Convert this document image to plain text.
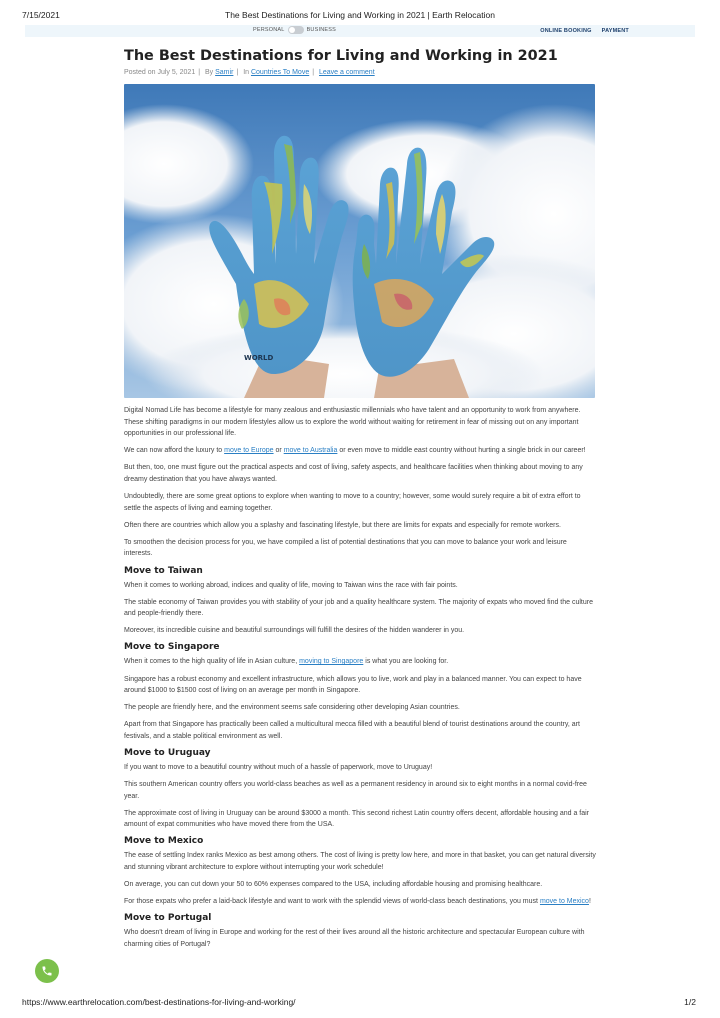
7/15/2021	The Best Destinations for Living and Working in 2021 | Earth Relocation
PERSONAL	BUSINESS	ONLINE BOOKING PAYMENT
The Best Destinations for Living and Working in 2021
Posted on July 5, 2021 | By Samir | In Countries To Move | Leave a comment
WORLD

Digital Nomad Life has become a lifestyle for many zealous and enthusiastic millennials who have talent and an opportunity to work from anywhere. These shifting paradigms in our modern lifestyles allow us to explore the world without waiting for retirement in fear of missing out on any important opportunities in our professional life.

We can now afford the luxury to move to Europe or move to Australia or even move to middle east country without hurting a single brick in our career!

But then, too, one must figure out the practical aspects and cost of living, safety aspects, and healthcare facilities when thinking about moving to any dreamy destination that you have always wanted.

Undoubtedly, there are some great options to explore when wanting to move to a country; however, some would surely require a bit of extra effort to settle the aspects of living and earning together.

Often there are countries which allow you a splashy and fascinating lifestyle, but there are limits for expats and especially for remote workers.

To smoothen the decision process for you, we have compiled a list of potential destinations that you can move to balance your work and leisure interests.

Move to Taiwan

When it comes to working abroad, indices and quality of life, moving to Taiwan wins the race with fair points.

The stable economy of Taiwan provides you with stability of your job and a quality healthcare system. The majority of expats who moved find the culture and people-friendly there.

Moreover, its incredible cuisine and beautiful surroundings will fulfill the desires of the hidden wanderer in you.

Move to Singapore

When it comes to the high quality of life in Asian culture, moving to Singapore is what you are looking for.

Singapore has a robust economy and excellent infrastructure, which allows you to live, work and play in a balanced manner. You can expect to have around $1000 to $1500 cost of living on an average per month in Singapore.

The people are friendly here, and the environment seems safe considering other developing Asian countries.

Apart from that Singapore has practically been called a multicultural mecca filled with a beautiful blend of tourist destinations around the country, art festivals, and a stable political environment as well.

Move to Uruguay

If you want to move to a beautiful country without much of a hassle of paperwork, move to Uruguay!

This southern American country offers you world-class beaches as well as a permanent residency in around six to eight months in a normal covid-free year.

The approximate cost of living in Uruguay can be around $3000 a month. This second richest Latin country offers decent, affordable housing and a fair amount of expat communities who have moved there from the USA.

Move to Mexico

The ease of settling Index ranks Mexico as best among others. The cost of living is pretty low here, and more in that basket, you can get natural diversity and stunning vibrant architecture to explore without interrupting your work schedule!

On average, you can cut down your 50 to 60% expenses compared to the USA, including affordable housing and promising healthcare.

For those expats who prefer a laid-back lifestyle and want to work with the splendid views of world-class beach destinations, you must move to Mexico!

Move to Portugal

Who doesn't dream of living in Europe and working for the rest of their lives around all the historic architecture and spectacular European culture with charming cities of Portugal?

https://www.earthrelocation.com/best-destinations-for-living-and-working/	1/2
